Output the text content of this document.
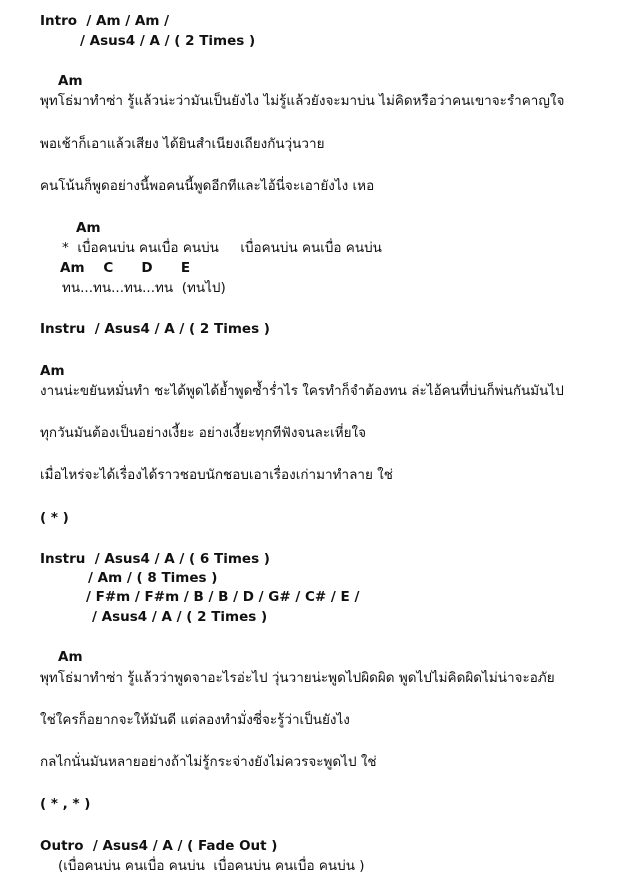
Intro  / Am / Am /
/ Asus4 / A / ( 2 Times )
Am
พุทโธ่มาทำซ่า รู้แล้วน่ะว่ามันเป็นยังไง ไม่รู้แล้วยังจะมาบ่น ไม่คิดหรือว่าคนเขาจะรำคาญใจ
พอเช้าก็เอาแล้วเสียง ได้ยินสำเนียงเถียงกันวุ่นวาย
คนโน้นก็พูดอย่างนี้พอคนนี้พูดอีกทีและไอ้นี่จะเอายังไง เหอ
Am
*  เบื่อคนบ่น คนเบื่อ คนบ่น     เบื่อคนบ่น คนเบื่อ คนบ่น
Am    C      D      E
ทน...ทน...ทน...ทน  (ทนไป)
Instru  / Asus4 / A / ( 2 Times )
Am
งานน่ะขยันหมั่นทำ ชะได้พูดได้ย้ำพูดซ้ำร่ำไร ใครทำก็จำต้องทน ล่ะไอ้คนที่บ่นก็พ่นกันมันไป
ทุกวันมันต้องเป็นอย่างเงี้ยะ อย่างเงี้ยะทุกทีฟังจนละเหี่ยใจ
เมื่อไหร่จะได้เรื่องได้ราวชอบนักชอบเอาเรื่องเก่ามาทำลาย ใช่
( * )
Instru  / Asus4 / A / ( 6 Times )
/ Am / ( 8 Times )
/ F#m / F#m / B / B / D / G# / C# / E /
/ Asus4 / A / ( 2 Times )
Am
พุทโธ่มาทำซ่า รู้แล้วว่าพูดจาอะไรอ่ะไป วุ่นวายน่ะพูดไปผิดผิด พูดไปไม่คิดผิดไม่น่าจะอภัย
ใช่ใครก็อยากจะให้มันดี แต่ลองทำมั่งซี่จะรู้ว่าเป็นยังไง
กลไกนั่นมันหลายอย่างถ้าไม่รู้กระจ่างยังไม่ควรจะพูดไป ใช่
( * , * )
Outro  / Asus4 / A / ( Fade Out )
(เบื่อคนบ่น คนเบื่อ คนบ่น  เบื่อคนบ่น คนเบื่อ คนบ่น )
